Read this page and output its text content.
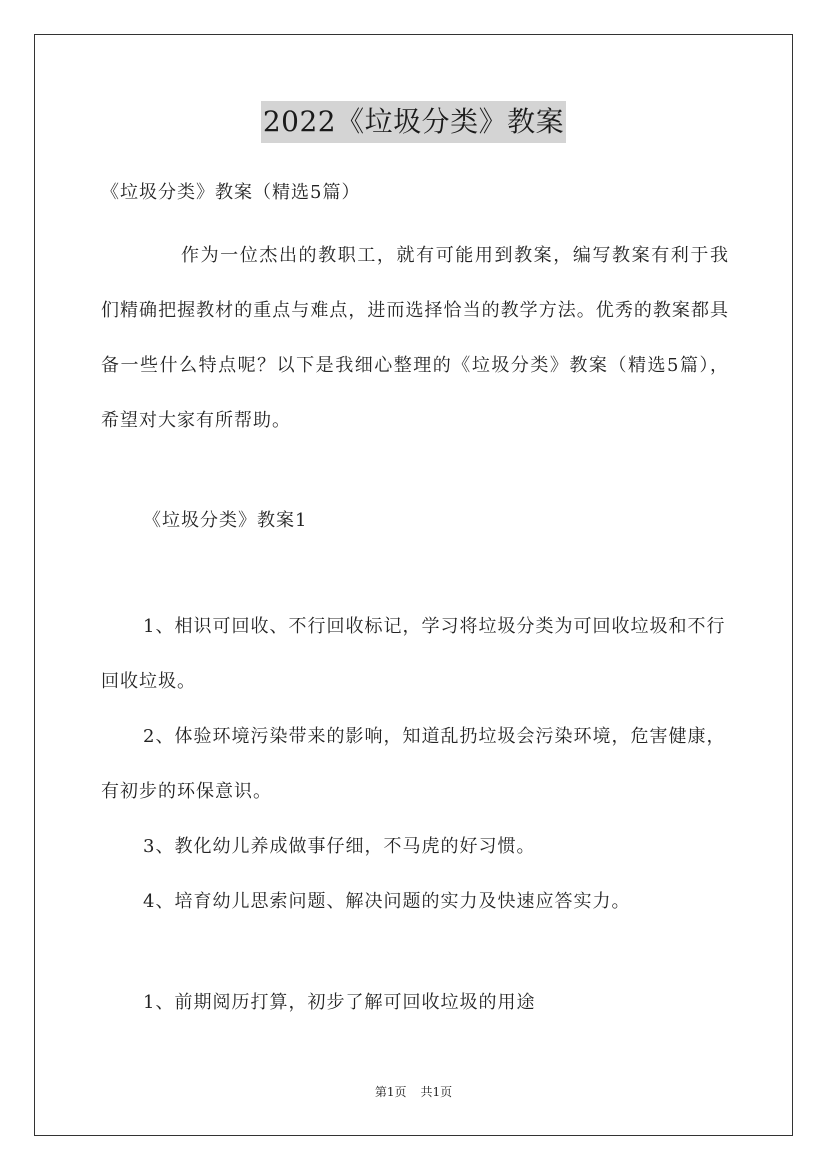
2022《垃圾分类》教案
《垃圾分类》教案（精选5篇）
作为一位杰出的教职工，就有可能用到教案，编写教案有利于我们精确把握教材的重点与难点，进而选择恰当的教学方法。优秀的教案都具备一些什么特点呢？以下是我细心整理的《垃圾分类》教案（精选5篇），希望对大家有所帮助。
《垃圾分类》教案1
1、相识可回收、不行回收标记，学习将垃圾分类为可回收垃圾和不行回收垃圾。
2、体验环境污染带来的影响，知道乱扔垃圾会污染环境，危害健康，有初步的环保意识。
3、教化幼儿养成做事仔细，不马虎的好习惯。
4、培育幼儿思索问题、解决问题的实力及快速应答实力。
1、前期阅历打算，初步了解可回收垃圾的用途
第1页 共1页
